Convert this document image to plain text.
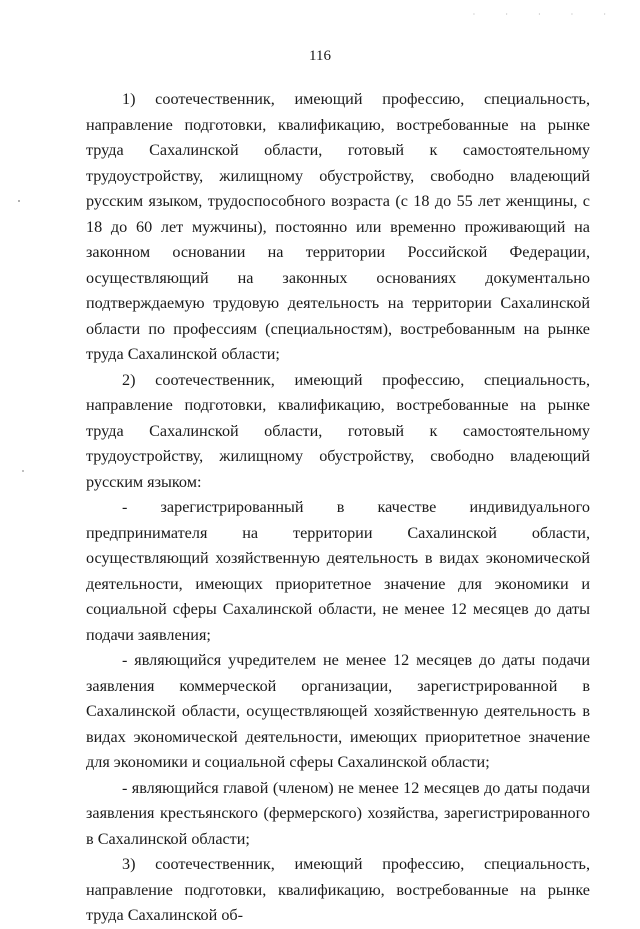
· · · · ·
116

1) соотечественник, имеющий профессию, специальность, направление подготовки, квалификацию, востребованные на рынке труда Сахалинской области, готовый к самостоятельному трудоустройству, жилищному обустройству, свободно владеющий русским языком, трудоспособного возраста (с 18 до 55 лет женщины, с 18 до 60 лет мужчины), постоянно или временно проживающий на законном основании на территории Российской Федерации, осуществляющий на законных основаниях документально подтверждаемую трудовую деятельность на территории Сахалинской области по профессиям (специальностям), востребованным на рынке труда Сахалинской области;

2) соотечественник, имеющий профессию, специальность, направление подготовки, квалификацию, востребованные на рынке труда Сахалинской области, готовый к самостоятельному трудоустройству, жилищному обустройству, свободно владеющий русским языком:

- зарегистрированный в качестве индивидуального предпринимателя на территории Сахалинской области, осуществляющий хозяйственную деятельность в видах экономической деятельности, имеющих приоритетное значение для экономики и социальной сферы Сахалинской области, не менее 12 месяцев до даты подачи заявления;

- являющийся учредителем не менее 12 месяцев до даты подачи заявления коммерческой организации, зарегистрированной в Сахалинской области, осуществляющей хозяйственную деятельность в видах экономической деятельности, имеющих приоритетное значение для экономики и социальной сферы Сахалинской области;

- являющийся главой (членом) не менее 12 месяцев до даты подачи заявления крестьянского (фермерского) хозяйства, зарегистрированного в Сахалинской области;

3) соотечественник, имеющий профессию, специальность, направление подготовки, квалификацию, востребованные на рынке труда Сахалинской об-
